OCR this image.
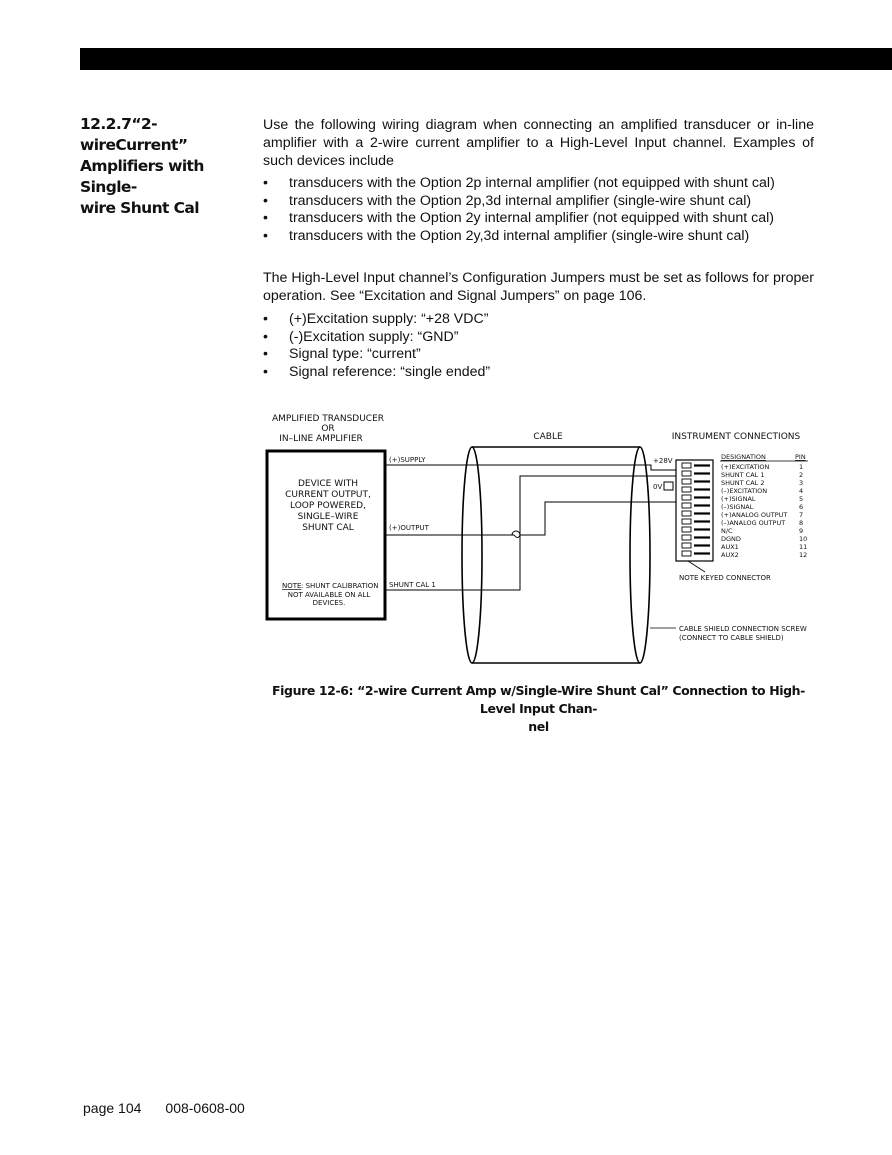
12.2.7“2-wireCurrent”
Amplifiers with Single-
wire Shunt Cal

Use the following wiring diagram when connecting an amplified transducer or in-line amplifier with a 2-wire current amplifier to a High-Level Input channel. Examples of such devices include

• transducers with the Option 2p internal amplifier (not equipped with shunt cal)
• transducers with the Option 2p,3d internal amplifier (single-wire shunt cal)
• transducers with the Option 2y internal amplifier (not equipped with shunt cal)
• transducers with the Option 2y,3d internal amplifier (single-wire shunt cal)

The High-Level Input channel’s Configuration Jumpers must be set as follows for proper operation. See “Excitation and Signal Jumpers” on page 106.

• (+)Excitation supply: “+28 VDC”
• (-)Excitation supply: “GND”
• Signal type: “current”
• Signal reference: “single ended”
AMPLIFIED TRANSDUCER
OR
IN–LINE AMPLIFIER
DEVICE WITH
CURRENT OUTPUT,
LOOP POWERED,
SINGLE–WIRE
SHUNT CAL
NOTE : SHUNT CALIBRATION
NOT AVAILABLE ON ALL
DEVICES.
CABLE
(+)SUPPLY
(+)OUTPUT
SHUNT CAL 1
INSTRUMENT CONNECTIONS
+28V
0V
DESIGNATION	PIN
(+)EXCITATION	1
SHUNT CAL 1	2
SHUNT CAL 2	3
(–)EXCITATION	4
(+)SIGNAL	5
(–)SIGNAL	6
(+)ANALOG OUTPUT 7
(–)ANALOG OUTPUT 8
N/C	9
DGND	10
AUX1	11
AUX2	12
NOTE KEYED CONNECTOR
CABLE SHIELD CONNECTION SCREW
(CONNECT TO CABLE SHIELD)
Figure 12-6: “2-wire Current Amp w/Single-Wire Shunt Cal” Connection to High-Level Input Chan-
nel
page 104 008-0608-00
